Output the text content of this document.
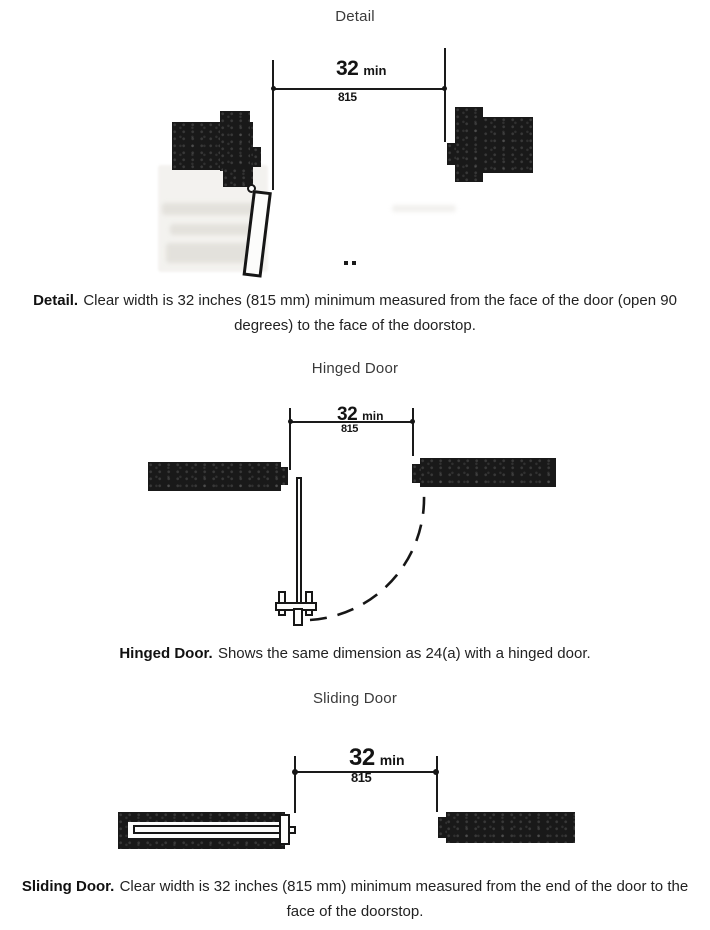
Detail
32 min
815
Detail. Clear width is 32 inches (815 mm) minimum measured from the face of the door (open 90 degrees) to the face of the doorstop.
Hinged Door
32 min
815
Hinged Door. Shows the same dimension as 24(a) with a hinged door.
Sliding Door
32 min
815
Sliding Door. Clear width is 32 inches (815 mm) minimum measured from the end of the door to the face of the doorstop.
